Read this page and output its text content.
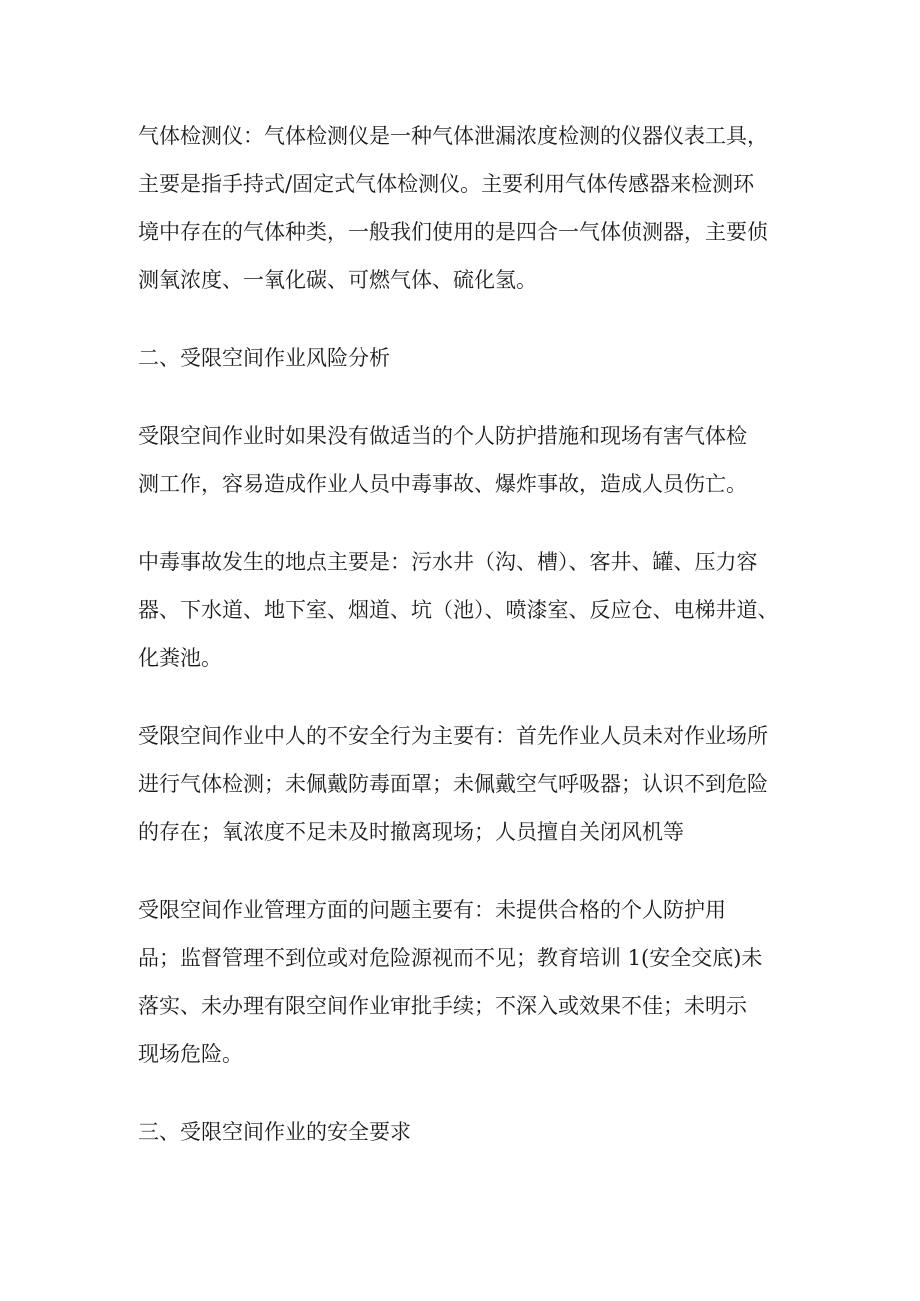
气体检测仪：气体检测仪是一种气体泄漏浓度检测的仪器仪表工具，
主要是指手持式/固定式气体检测仪。主要利用气体传感器来检测环
境中存在的气体种类，一般我们使用的是四合一气体侦测器，主要侦
测氧浓度、一氧化碳、可燃气体、硫化氢。
二、受限空间作业风险分析
受限空间作业时如果没有做适当的个人防护措施和现场有害气体检
测工作，容易造成作业人员中毒事故、爆炸事故，造成人员伤亡。
中毒事故发生的地点主要是：污水井（沟、槽）、客井、罐、压力容
器、下水道、地下室、烟道、坑（池）、喷漆室、反应仓、电梯井道、
化粪池。
受限空间作业中人的不安全行为主要有：首先作业人员未对作业场所
进行气体检测；未佩戴防毒面罩；未佩戴空气呼吸器；认识不到危险
的存在；氧浓度不足未及时撤离现场；人员擅自关闭风机等
受限空间作业管理方面的问题主要有：未提供合格的个人防护用
品；监督管理不到位或对危险源视而不见；教育培训 1(安全交底)未
落实、未办理有限空间作业审批手续；不深入或效果不佳；未明示
现场危险。
三、受限空间作业的安全要求
